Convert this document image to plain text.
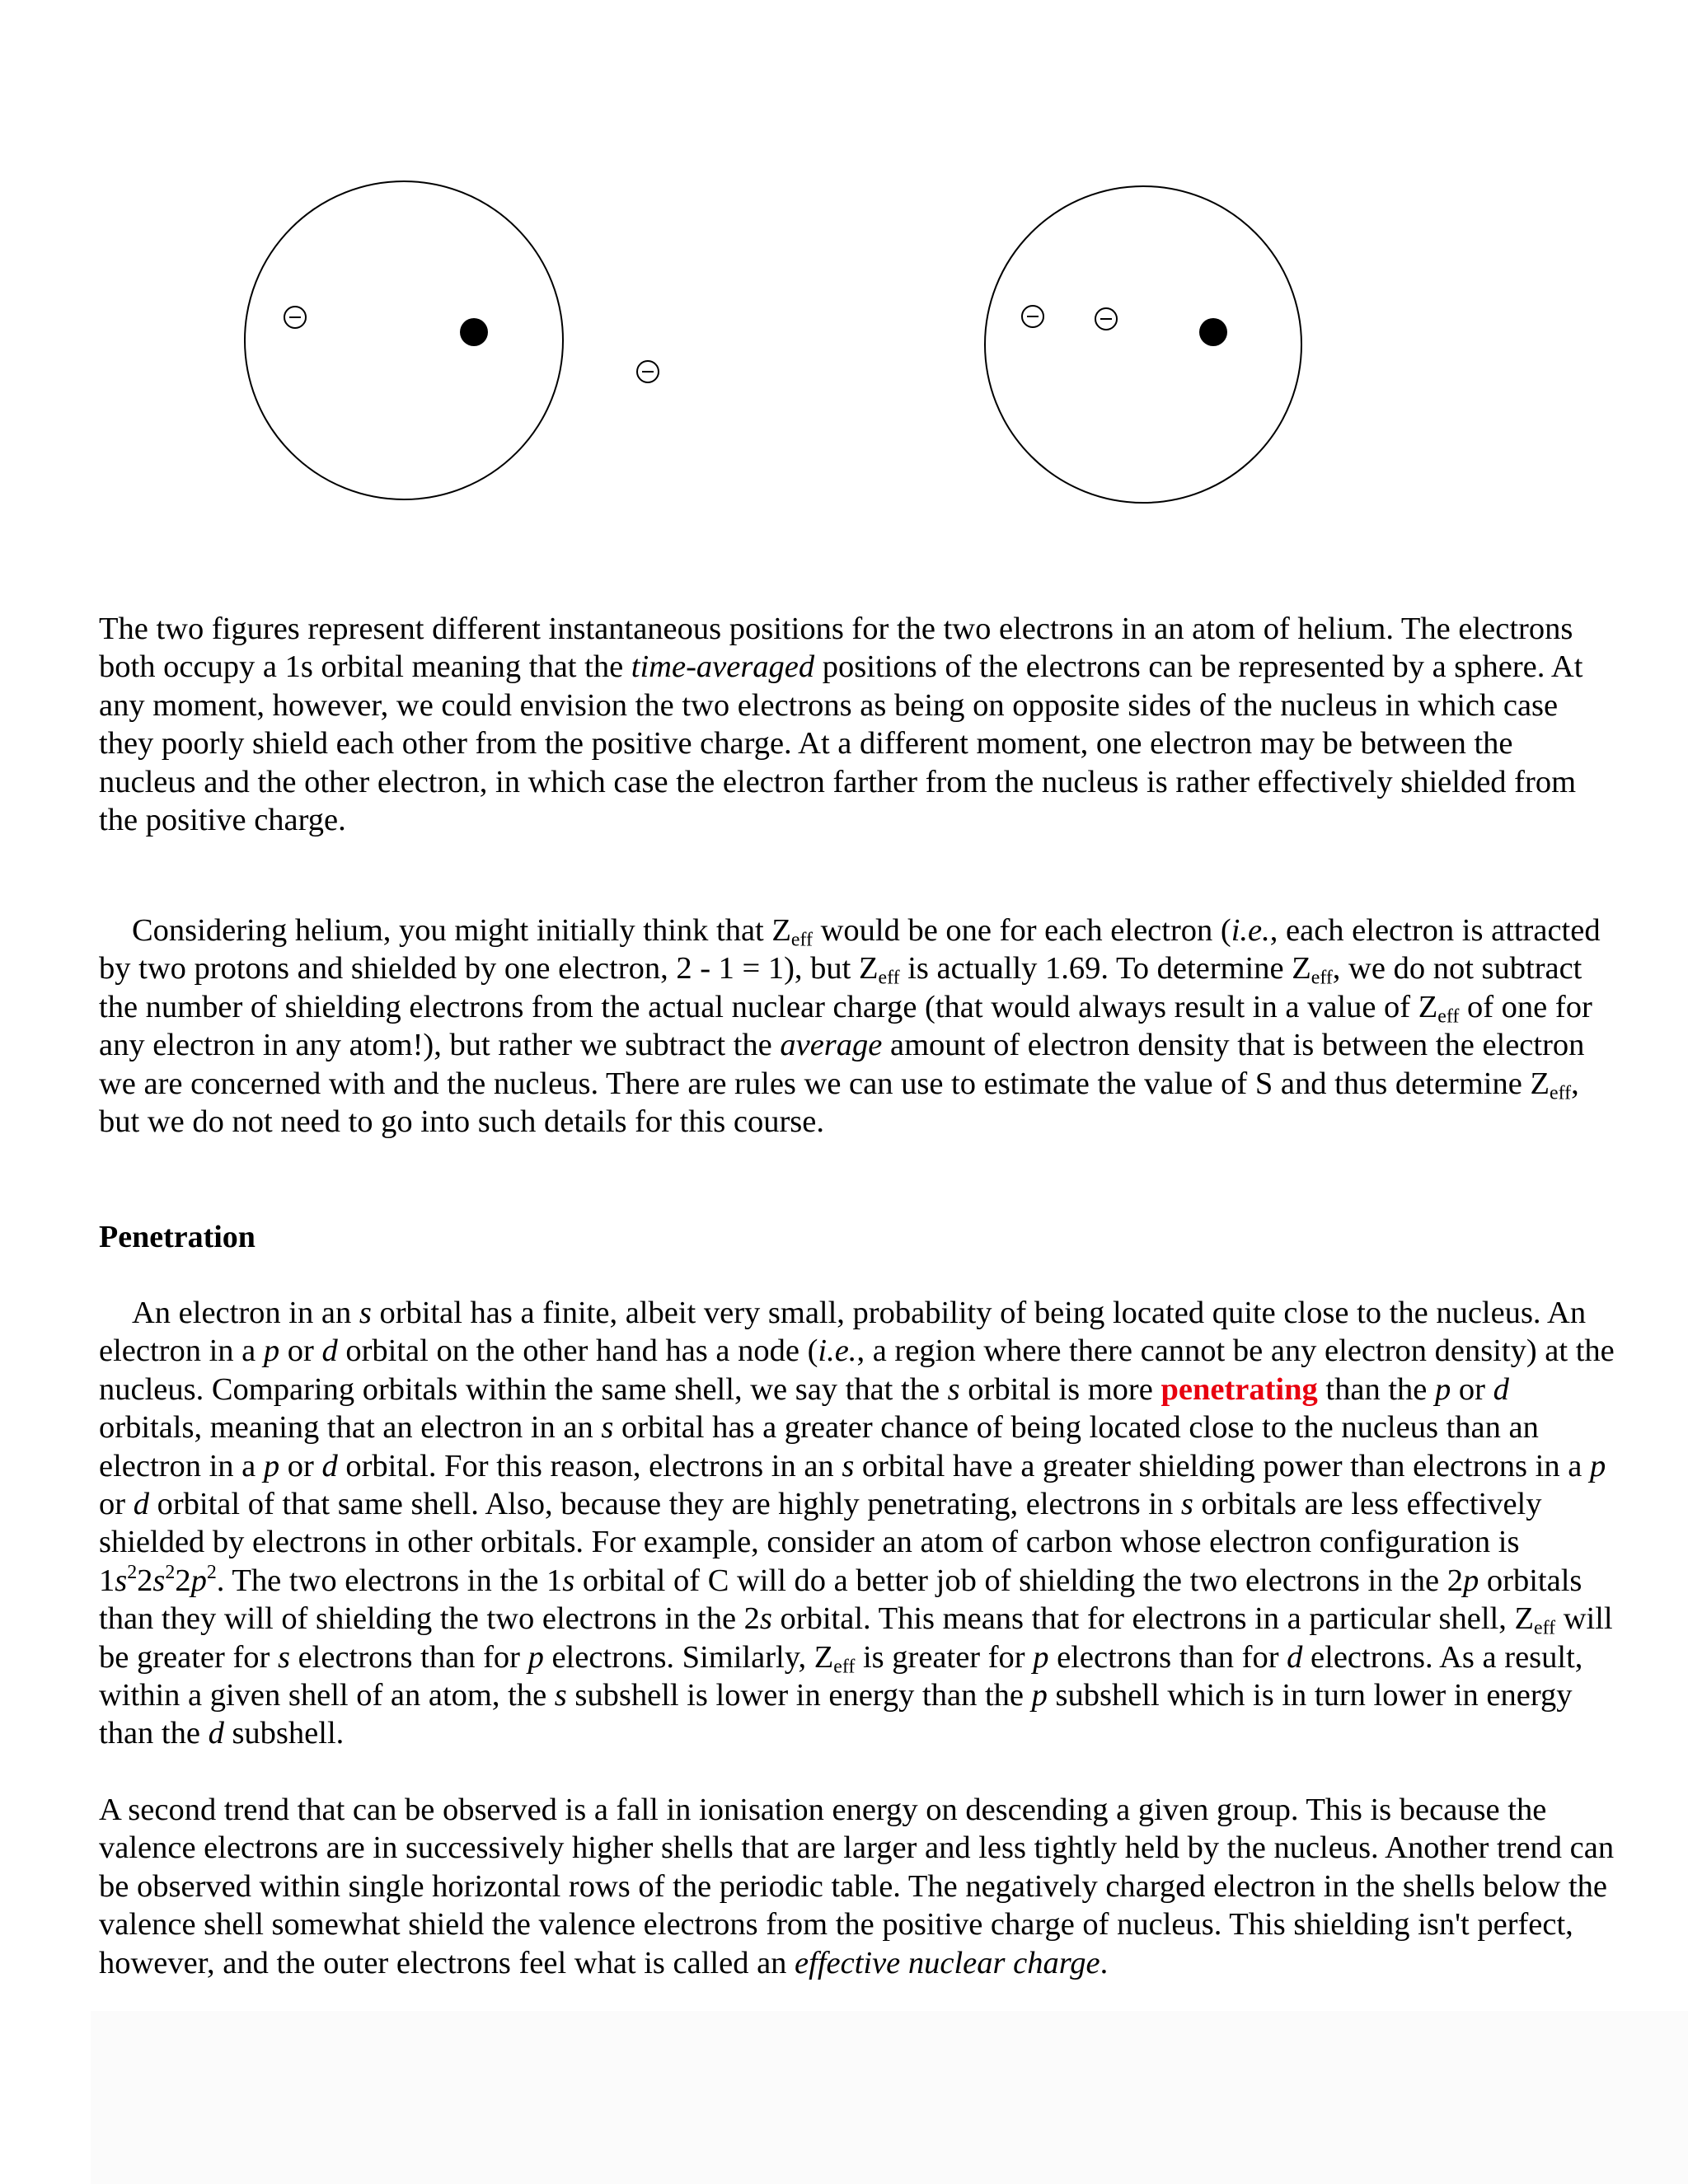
The two figures represent different instantaneous positions for the two electrons in an atom of helium. The electrons both occupy a 1s orbital meaning that the time-averaged positions of the electrons can be represented by a sphere. At any moment, however, we could envision the two electrons as being on opposite sides of the nucleus in which case they poorly shield each other from the positive charge. At a different moment, one electron may be between the nucleus and the other electron, in which case the electron farther from the nucleus is rather effectively shielded from the positive charge.

Considering helium, you might initially think that $Z_{eff}$ would be one for each electron (i.e., each electron is attracted by two protons and shielded by one electron, 2 - 1 = 1), but $Z_{eff}$ is actually 1.69. To determine $Z_{eff}$, we do not subtract the number of shielding electrons from the actual nuclear charge (that would always result in a value of $Z_{eff}$ of one for any electron in any atom!), but rather we subtract the average amount of electron density that is between the electron we are concerned with and the nucleus. There are rules we can use to estimate the value of S and thus determine $Z_{eff}$, but we do not need to go into such details for this course.

Penetration

An electron in an s orbital has a finite, albeit very small, probability of being located quite close to the nucleus. An electron in a p or d orbital on the other hand has a node (i.e., a region where there cannot be any electron density) at the nucleus. Comparing orbitals within the same shell, we say that the s orbital is more penetrating than the p or d orbitals, meaning that an electron in an s orbital has a greater chance of being located close to the nucleus than an electron in a p or d orbital. For this reason, electrons in an s orbital have a greater shielding power than electrons in a p or d orbital of that same shell. Also, because they are highly penetrating, electrons in s orbitals are less effectively shielded by electrons in other orbitals. For example, consider an atom of carbon whose electron configuration is $1s^22s^22p^2$. The two electrons in the 1s orbital of C will do a better job of shielding the two electrons in the 2p orbitals than they will of shielding the two electrons in the 2s orbital. This means that for electrons in a particular shell, $Z_{eff}$ will be greater for s electrons than for p electrons. Similarly, $Z_{eff}$ is greater for p electrons than for d electrons. As a result, within a given shell of an atom, the s subshell is lower in energy than the p subshell which is in turn lower in energy than the d subshell.

A second trend that can be observed is a fall in ionisation energy on descending a given group. This is because the valence electrons are in successively higher shells that are larger and less tightly held by the nucleus. Another trend can be observed within single horizontal rows of the periodic table. The negatively charged electron in the shells below the valence shell somewhat shield the valence electrons from the positive charge of nucleus. This shielding isn't perfect, however, and the outer electrons feel what is called an effective nuclear charge.
